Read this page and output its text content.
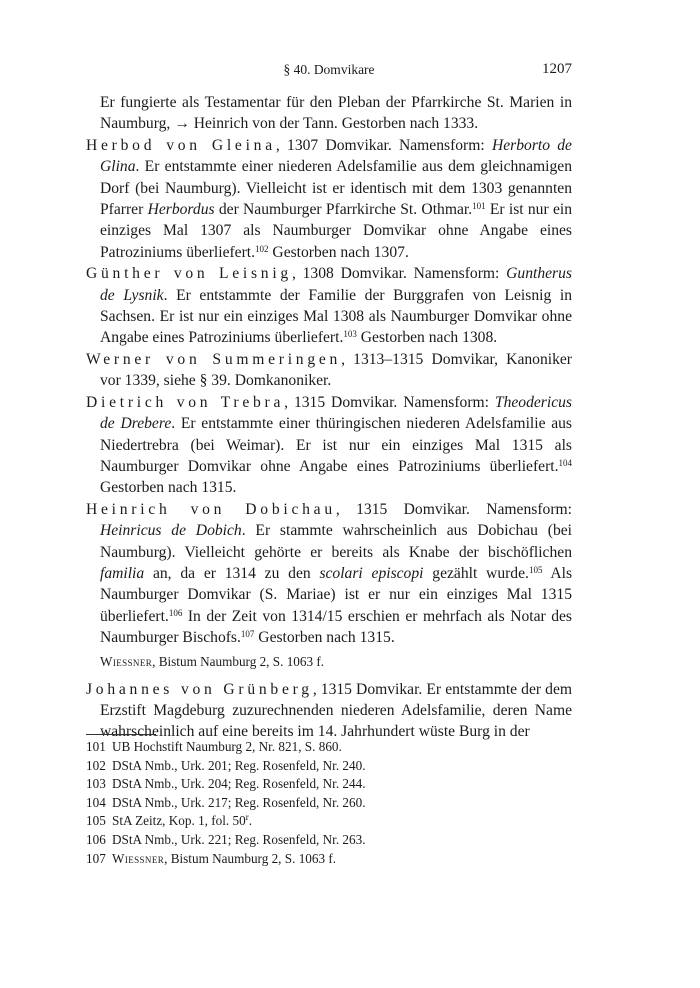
§ 40. Domvikare	1207

Er fungierte als Testamentar für den Pleban der Pfarrkirche St. Marien in Naumburg, → Heinrich von der Tann. Gestorben nach 1333.

Herbod von Gleina, 1307 Domvikar. Namensform: Herborto de Glina. Er entstammte einer niederen Adelsfamilie aus dem gleichnamigen Dorf (bei Naumburg). Vielleicht ist er identisch mit dem 1303 genannten Pfarrer Herbordus der Naumburger Pfarrkirche St. Othmar.$^{101}$ Er ist nur ein einziges Mal 1307 als Naumburger Domvikar ohne Angabe eines Patroziniums überliefert.$^{102}$ Gestorben nach 1307.

Günther von Leisnig, 1308 Domvikar. Namensform: Guntherus de Lysnik. Er entstammte der Familie der Burggrafen von Leisnig in Sachsen. Er ist nur ein einziges Mal 1308 als Naumburger Domvikar ohne Angabe eines Patroziniums überliefert.$^{103}$ Gestorben nach 1308.

Werner von Summeringen, 1313–1315 Domvikar, Kanoniker vor 1339, siehe § 39. Domkanoniker.

Dietrich von Trebra, 1315 Domvikar. Namensform: Theodericus de Drebere. Er entstammte einer thüringischen niederen Adelsfamilie aus Niedertrebra (bei Weimar). Er ist nur ein einziges Mal 1315 als Naumburger Domvikar ohne Angabe eines Patroziniums überliefert.$^{104}$ Gestorben nach 1315.

Heinrich von Dobichau, 1315 Domvikar. Namensform: Heinricus de Dobich. Er stammte wahrscheinlich aus Dobichau (bei Naumburg). Vielleicht gehörte er bereits als Knabe der bischöflichen familia an, da er 1314 zu den scolari episcopi gezählt wurde.$^{105}$ Als Naumburger Domvikar (S. Mariae) ist er nur ein einziges Mal 1315 überliefert.$^{106}$ In der Zeit von 1314/15 erschien er mehrfach als Notar des Naumburger Bischofs.$^{107}$ Gestorben nach 1315.

Wiessner, Bistum Naumburg 2, S. 1063 f.

Johannes von Grünberg, 1315 Domvikar. Er entstammte der dem Erzstift Magdeburg zuzurechnenden niederen Adelsfamilie, deren Name wahrscheinlich auf eine bereits im 14. Jahrhundert wüste Burg in der

101 UB Hochstift Naumburg 2, Nr. 821, S. 860.

102 DStA Nmb., Urk. 201; Reg. Rosenfeld, Nr. 240.

103 DStA Nmb., Urk. 204; Reg. Rosenfeld, Nr. 244.

104 DStA Nmb., Urk. 217; Reg. Rosenfeld, Nr. 260.

105 StA Zeitz, Kop. 1, fol. 50$^r$.

106 DStA Nmb., Urk. 221; Reg. Rosenfeld, Nr. 263.

107 Wiessner, Bistum Naumburg 2, S. 1063 f.
